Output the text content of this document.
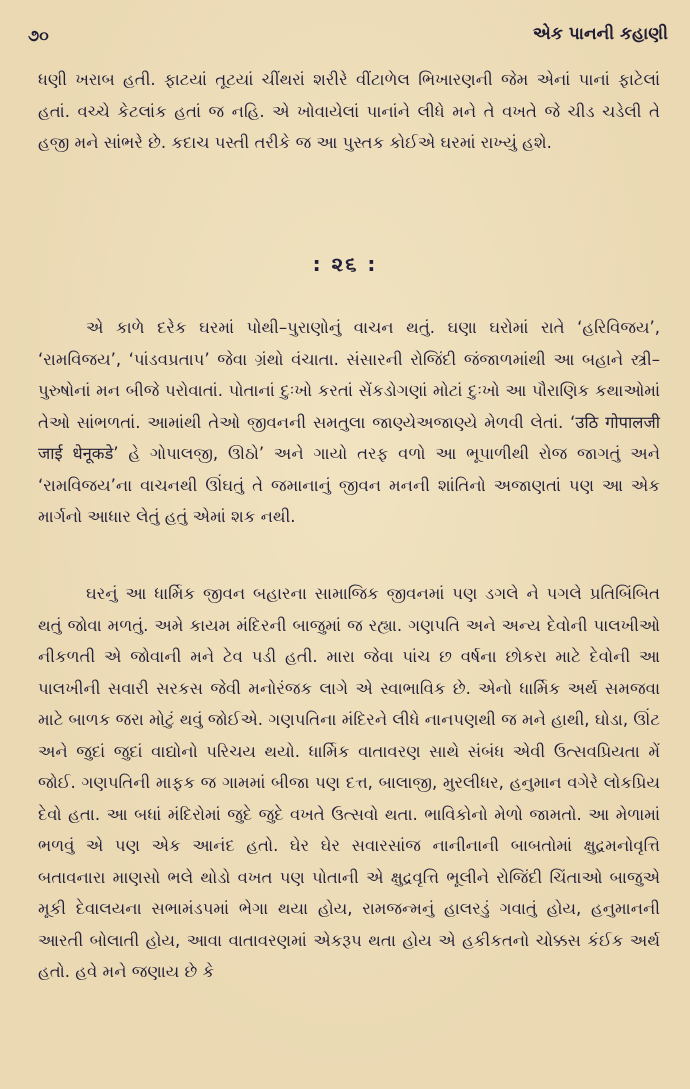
૭૦	એક પાનની કહાણી

ધણી ખરાબ હતી. ફાટયાં તૂટયાં ચીંથરાં શરીરે વીંટાળેલ ભિખારણની જેમ એનાં પાનાં ફાટેલાં હતાં. વચ્ચે કેટલાંક હતાં જ નહિ. એ ખોવાયેલાં પાનાંને લીધે મને તે વખતે જે ચીડ ચડેલી તે હજી મને સાંભરે છે. કદાચ પસ્તી તરીકે જ આ પુસ્તક કોઈએ ઘરમાં રાખ્યું હશે.

: ૨૬ :

એ કાળે દરેક ઘરમાં પોથી–પુરાણોનું વાચન થતું. ઘણા ઘરોમાં રાતે ‘હરિવિજય’, ‘રામવિજય’, ‘પાંડવપ્રતાપ’ જેવા ગ્રંથો વંચાતા. સંસારની રોજિંદી જંજાળમાંથી આ બહાને સ્ત્રી–પુરુષોનાં મન બીજે પરોવાતાં. પોતાનાં દુઃખો કરતાં સેંકડોગણાં મોટાં દુઃખો આ પૌરાણિક કથાઓમાં તેઓ સાંભળતાં. આમાંથી તેઓ જીવનની સમતુલા જાણ્યેઅજાણ્યે મેળવી લેતાં. ‘उठि गोपालजी जाई धेनूकडे’ હે ગોપાલજી, ઊઠો’ અને ગાયો તરફ વળો આ ભૂપાળીથી રોજ જાગતું અને ‘રામવિજય’ના વાચનથી ઊંઘતું તે જમાનાનું જીવન મનની શાંતિનો અજાણતાં પણ આ એક માર્ગનો આધાર લેતું હતું એમાં શક નથી.

ઘરનું આ ધાર્મિક જીવન બહારના સામાજિક જીવનમાં પણ ડગલે ને પગલે પ્રતિબિંબિત થતું જોવા મળતું. અમે કાયમ મંદિરની બાજુમાં જ રહ્યા. ગણપતિ અને અન્ય દેવોની પાલખીઓ નીકળતી એ જોવાની મને ટેવ પડી હતી. મારા જેવા પાંચ છ વર્ષના છોકરા માટે દેવોની આ પાલખીની સવારી સરકસ જેવી મનોરંજક લાગે એ સ્વાભાવિક છે. એનો ધાર્મિક અર્થ સમજવા માટે બાળક જરા મોટું થવું જોઈએ. ગણપતિના મંદિરને લીધે નાનપણથી જ મને હાથી, ઘોડા, ઊંટ અને જુદાં જુદાં વાદ્યોનો પરિચય થયો. ધાર્મિક વાતાવરણ સાથે સંબંધ એવી ઉત્સવપ્રિયતા મેં જોઈ. ગણપતિની માફક જ ગામમાં બીજા પણ દત્ત, બાલાજી, મુરલીધર, હનુમાન વગેરે લોકપ્રિય દેવો હતા. આ બધાં મંદિરોમાં જુદે જુદે વખતે ઉત્સવો થતા. ભાવિકોનો મેળો જામતો. આ મેળામાં ભળવું એ પણ એક આનંદ હતો. ઘેર ઘેર સવારસાંજ નાનીનાની બાબતોમાં ક્ષુદ્રમનોવૃત્તિ બતાવનારા માણસો ભલે થોડો વખત પણ પોતાની એ ક્ષુદ્રવૃત્તિ ભૂલીને રોજિંદી ચિંતાઓ બાજુએ મૂકી દેવાલયના સભામંડપમાં ભેગા થયા હોય, રામજન્મનું હાલરડું ગવાતું હોય, હનુમાનની આરતી બોલાતી હોય, આવા વાતાવરણમાં એકરૂપ થતા હોય એ હકીકતનો ચોક્કસ કંઈક અર્થ હતો. હવે મને જણાય છે કે
